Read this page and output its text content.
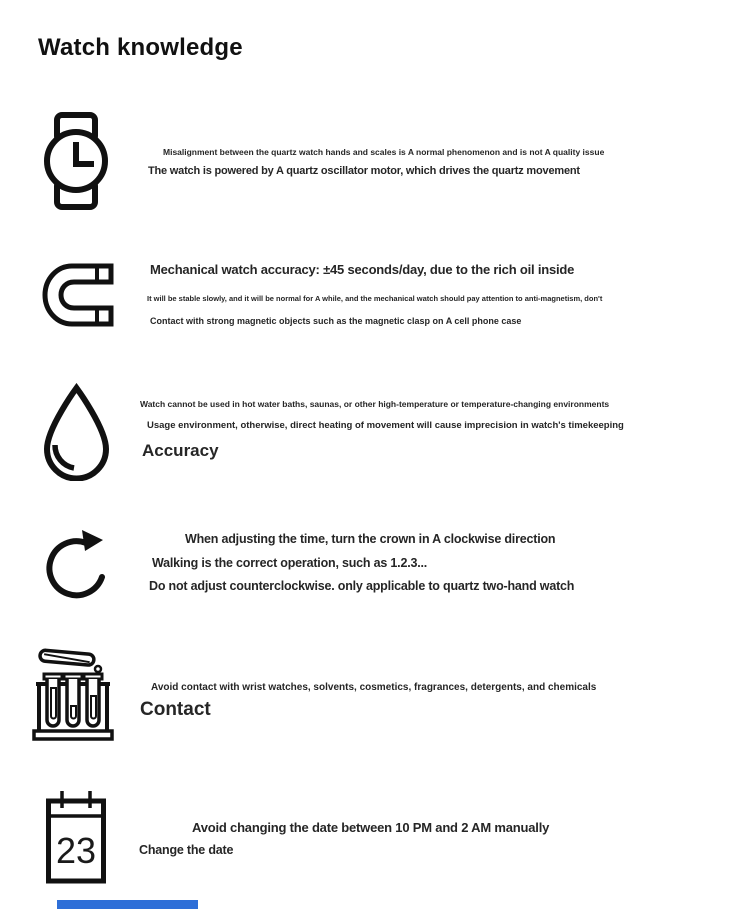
Watch knowledge

Misalignment between the quartz watch hands and scales is A normal phenomenon and is not A quality issue

The watch is powered by A quartz oscillator motor, which drives the quartz movement

Mechanical watch accuracy: ±45 seconds/day, due to the rich oil inside

It will be stable slowly, and it will be normal for A while, and the mechanical watch should pay attention to anti-magnetism, don't

Contact with strong magnetic objects such as the magnetic clasp on A cell phone case

Watch cannot be used in hot water baths, saunas, or other high-temperature or temperature-changing environments

Usage environment, otherwise, direct heating of movement will cause imprecision in watch's timekeeping

Accuracy

When adjusting the time, turn the crown in A clockwise direction

Walking is the correct operation, such as 1.2.3...

Do not adjust counterclockwise. only applicable to quartz two-hand watch

Avoid contact with wrist watches, solvents, cosmetics, fragrances, detergents, and chemicals

Contact

23

Avoid changing the date between 10 PM and 2 AM manually

Change the date
